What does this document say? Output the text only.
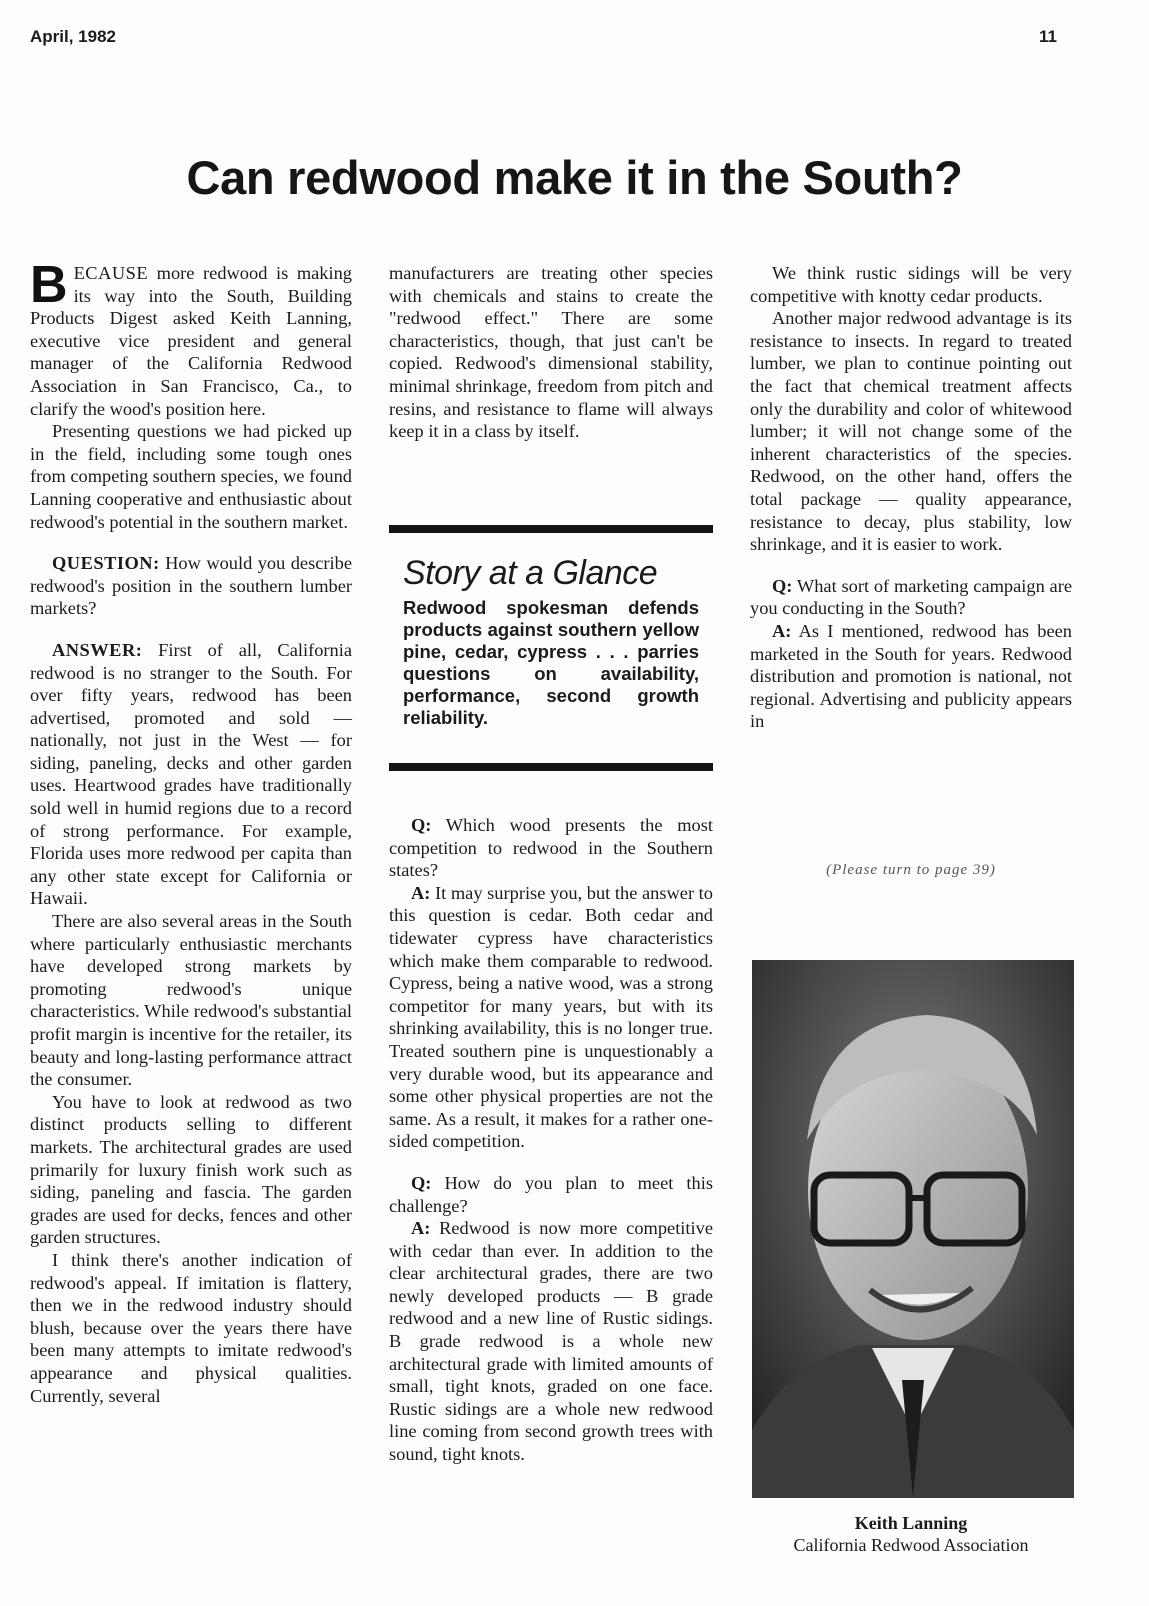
April, 1982	11
Can redwood make it in the South?

BECAUSE more redwood is making its way into the South, Building Products Digest asked Keith Lanning, executive vice president and general manager of the California Redwood Association in San Francisco, Ca., to clarify the wood's position here.

Presenting questions we had picked up in the field, including some tough ones from competing southern species, we found Lanning cooperative and enthusiastic about redwood's potential in the southern market.

QUESTION: How would you describe redwood's position in the southern lumber markets?

ANSWER: First of all, California redwood is no stranger to the South. For over fifty years, redwood has been advertised, promoted and sold — nationally, not just in the West — for siding, paneling, decks and other garden uses. Heartwood grades have traditionally sold well in humid regions due to a record of strong performance. For example, Florida uses more redwood per capita than any other state except for California or Hawaii.

There are also several areas in the South where particularly enthusiastic merchants have developed strong markets by promoting redwood's unique characteristics. While redwood's substantial profit margin is incentive for the retailer, its beauty and long-lasting performance attract the consumer.

You have to look at redwood as two distinct products selling to different markets. The architectural grades are used primarily for luxury finish work such as siding, paneling and fascia. The garden grades are used for decks, fences and other garden structures.

I think there's another indication of redwood's appeal. If imitation is flattery, then we in the redwood industry should blush, because over the years there have been many attempts to imitate redwood's appearance and physical qualities. Currently, several

manufacturers are treating other species with chemicals and stains to create the "redwood effect." There are some characteristics, though, that just can't be copied. Redwood's dimensional stability, minimal shrinkage, freedom from pitch and resins, and resistance to flame will always keep it in a class by itself.

Story at a Glance
Redwood spokesman defends products against southern yellow pine, cedar, cypress . . . parries questions on availability, performance, second growth reliability.

Q: Which wood presents the most competition to redwood in the Southern states?

A: It may surprise you, but the answer to this question is cedar. Both cedar and tidewater cypress have characteristics which make them comparable to redwood. Cypress, being a native wood, was a strong competitor for many years, but with its shrinking availability, this is no longer true. Treated southern pine is unquestionably a very durable wood, but its appearance and some other physical properties are not the same. As a result, it makes for a rather one-sided competition.

Q: How do you plan to meet this challenge?

A: Redwood is now more competitive with cedar than ever. In addition to the clear architectural grades, there are two newly developed products — B grade redwood and a new line of Rustic sidings. B grade redwood is a whole new architectural grade with limited amounts of small, tight knots, graded on one face. Rustic sidings are a whole new redwood line coming from second growth trees with sound, tight knots.

We think rustic sidings will be very competitive with knotty cedar products.

Another major redwood advantage is its resistance to insects. In regard to treated lumber, we plan to continue pointing out the fact that chemical treatment affects only the durability and color of whitewood lumber; it will not change some of the inherent characteristics of the species. Redwood, on the other hand, offers the total package — quality appearance, resistance to decay, plus stability, low shrinkage, and it is easier to work.

Q: What sort of marketing campaign are you conducting in the South?

A: As I mentioned, redwood has been marketed in the South for years. Redwood distribution and promotion is national, not regional. Advertising and publicity appears in

(Please turn to page 39)
Keith Lanning
California Redwood Association
